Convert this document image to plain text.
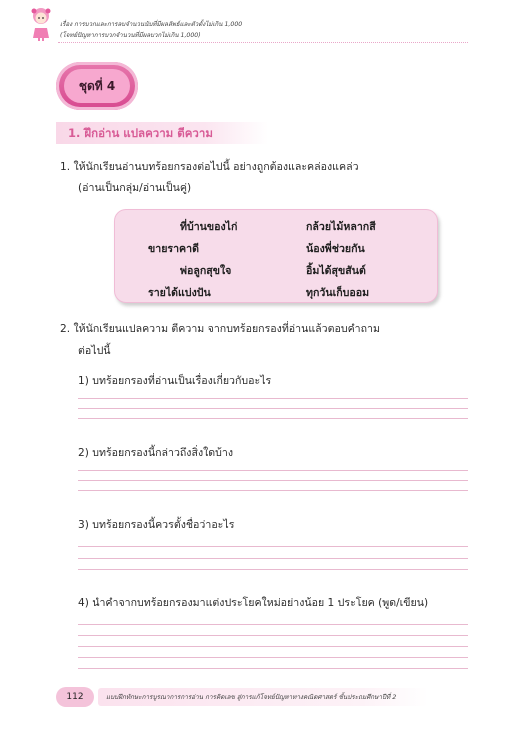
เรื่อง การบวกและการลบจำนวนนับที่มีผลลัพธ์และตัวตั้งไม่เกิน 1,000
(โจทย์ปัญหาการบวกจำนวนที่มีผลบวกไม่เกิน 1,000)
ชุดที่ 4
1. ฝึกอ่าน แปลความ ตีความ
1. ให้นักเรียนอ่านบทร้อยกรองต่อไปนี้ อย่างถูกต้องและคล่องแคล่ว
(อ่านเป็นกลุ่ม/อ่านเป็นคู่)
ที่บ้านของไก่
ขายราคาดี
พ่อลูกสุขใจ
รายได้แบ่งปัน
กล้วยไม้หลากสี
น้องพี่ช่วยกัน
อิ้มได้สุขสันต์
ทุกวันเก็บออม
2. ให้นักเรียนแปลความ ตีความ จากบทร้อยกรองที่อ่านแล้วตอบคำถาม
ต่อไปนี้
1) บทร้อยกรองที่อ่านเป็นเรื่องเกี่ยวกับอะไร
2) บทร้อยกรองนี้กล่าวถึงสิ่งใดบ้าง
3) บทร้อยกรองนี้ควรตั้งชื่อว่าอะไร
4) นำคำจากบทร้อยกรองมาแต่งประโยคใหม่อย่างน้อย 1 ประโยค (พูด/เขียน)
112	แบบฝึกทักษะการบูรณาการการอ่าน การคิดเลข สู่การแก้โจทย์ปัญหาทางคณิตศาสตร์ ชั้นประถมศึกษาปีที่ 2
